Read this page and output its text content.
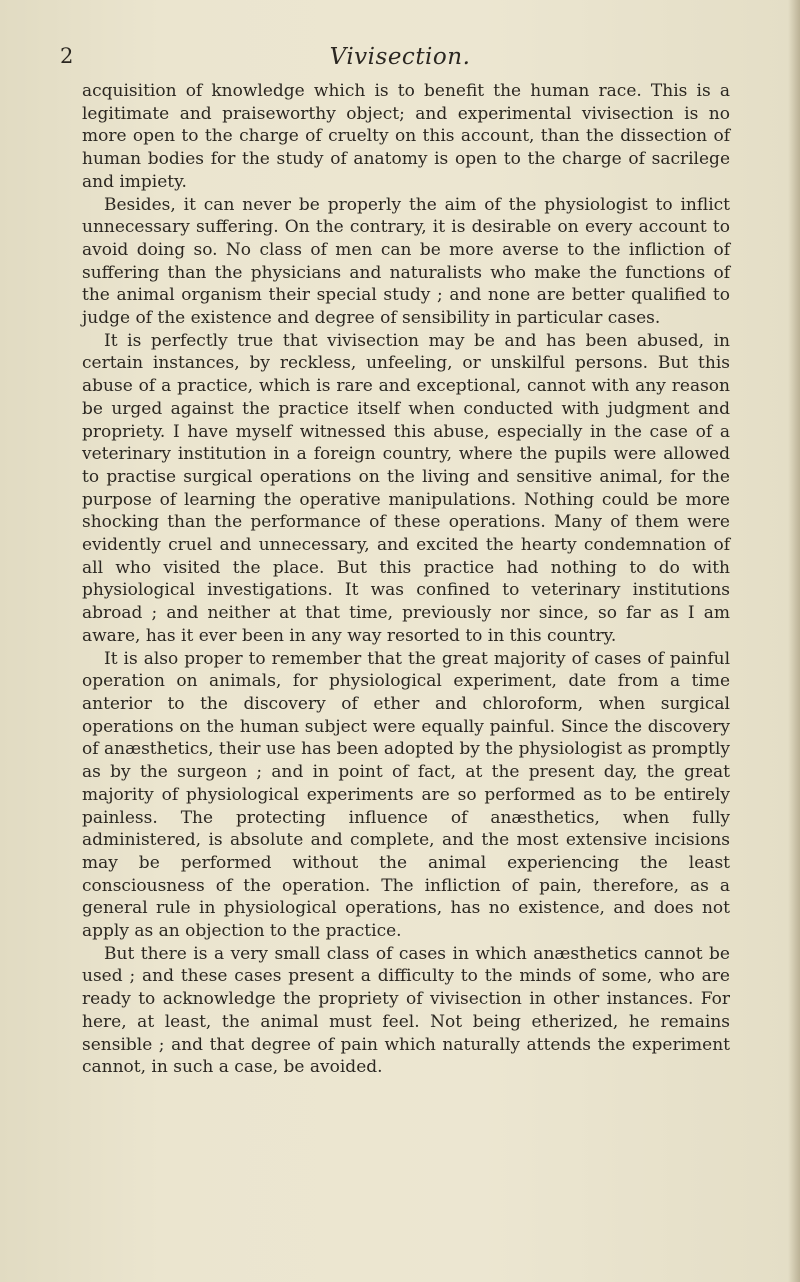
2	Vivisection.

acquisition of knowledge which is to benefit the human race. This is a legitimate and praiseworthy object; and experimental vivisection is no more open to the charge of cruelty on this account, than the dissection of human bodies for the study of anatomy is open to the charge of sacrilege and impiety.

Besides, it can never be properly the aim of the physiologist to inflict unnecessary suffering. On the contrary, it is desirable on every account to avoid doing so. No class of men can be more averse to the infliction of suffering than the physicians and naturalists who make the functions of the animal organism their special study ; and none are better qualified to judge of the existence and degree of sensibility in particular cases.

It is perfectly true that vivisection may be and has been abused, in certain instances, by reckless, unfeeling, or unskilful persons. But this abuse of a practice, which is rare and exceptional, cannot with any reason be urged against the practice itself when conducted with judgment and propriety. I have myself witnessed this abuse, especially in the case of a veterinary institution in a foreign country, where the pupils were allowed to practise surgical operations on the living and sensitive animal, for the purpose of learning the operative manipulations. Nothing could be more shocking than the performance of these operations. Many of them were evidently cruel and unnecessary, and excited the hearty condemnation of all who visited the place. But this practice had nothing to do with physiological investigations. It was confined to veterinary institutions abroad ; and neither at that time, previously nor since, so far as I am aware, has it ever been in any way resorted to in this country.

It is also proper to remember that the great majority of cases of painful operation on animals, for physiological experiment, date from a time anterior to the discovery of ether and chloroform, when surgical operations on the human subject were equally painful. Since the discovery of anæsthetics, their use has been adopted by the physiologist as promptly as by the surgeon ; and in point of fact, at the present day, the great majority of physiological experiments are so performed as to be entirely painless. The protecting influence of anæsthetics, when fully administered, is absolute and complete, and the most extensive incisions may be performed without the animal experiencing the least consciousness of the operation. The infliction of pain, therefore, as a general rule in physiological operations, has no existence, and does not apply as an objection to the practice.

But there is a very small class of cases in which anæsthetics cannot be used ; and these cases present a difficulty to the minds of some, who are ready to acknowledge the propriety of vivisection in other instances. For here, at least, the animal must feel. Not being etherized, he remains sensible ; and that degree of pain which naturally attends the experiment cannot, in such a case, be avoided.
